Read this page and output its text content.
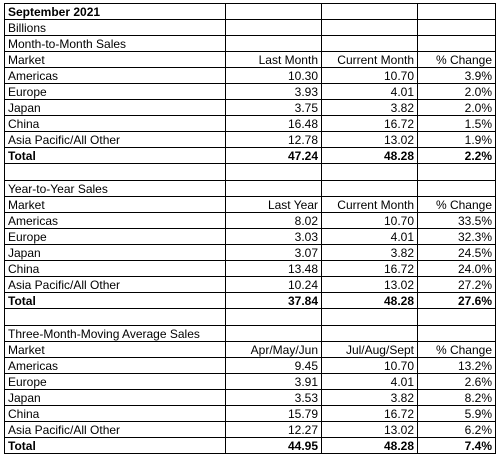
September 2021			
Billions			
Month-to-Month Sales			
Market	Last Month	Current Month	% Change
Americas	10.30	10.70	3.9%
Europe	3.93	4.01	2.0%
Japan	3.75	3.82	2.0%
China	16.48	16.72	1.5%
Asia Pacific/All Other	12.78	13.02	1.9%
Total	47.24	48.28	2.2%

Year-to-Year Sales			
Market	Last Year	Current Month	% Change
Americas	8.02	10.70	33.5%
Europe	3.03	4.01	32.3%
Japan	3.07	3.82	24.5%
China	13.48	16.72	24.0%
Asia Pacific/All Other	10.24	13.02	27.2%
Total	37.84	48.28	27.6%

Three-Month-Moving Average Sales			
Market	Apr/May/Jun	Jul/Aug/Sept	% Change
Americas	9.45	10.70	13.2%
Europe	3.91	4.01	2.6%
Japan	3.53	3.82	8.2%
China	15.79	16.72	5.9%
Asia Pacific/All Other	12.27	13.02	6.2%
Total	44.95	48.28	7.4%
